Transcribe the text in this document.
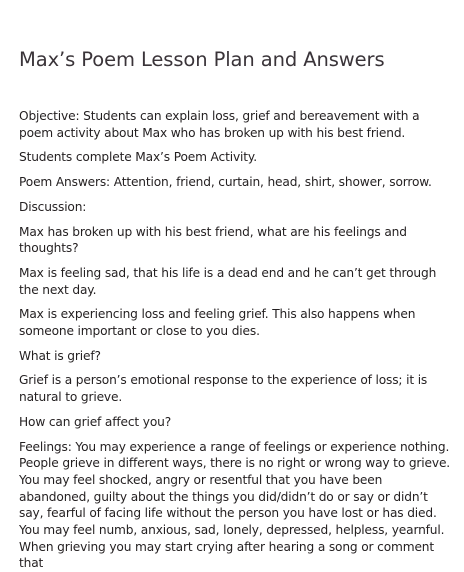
Max’s Poem Lesson Plan and Answers

Objective: Students can explain loss, grief and bereavement with a poem activity about Max who has broken up with his best friend.

Students complete Max’s Poem Activity.

Poem Answers: Attention, friend, curtain, head, shirt, shower, sorrow.

Discussion:

Max has broken up with his best friend, what are his feelings and thoughts?

Max is feeling sad, that his life is a dead end and he can’t get through the next day.

Max is experiencing loss and feeling grief. This also happens when someone important or close to you dies.

What is grief?

Grief is a person’s emotional response to the experience of loss; it is natural to grieve.

How can grief affect you?

Feelings: You may experience a range of feelings or experience nothing. People grieve in different ways, there is no right or wrong way to grieve. You may feel shocked, angry or resentful that you have been abandoned, guilty about the things you did/didn’t do or say or didn’t say, fearful of facing life without the person you have lost or has died. You may feel numb, anxious, sad, lonely, depressed, helpless, yearnful. When grieving you may start crying after hearing a song or comment that
